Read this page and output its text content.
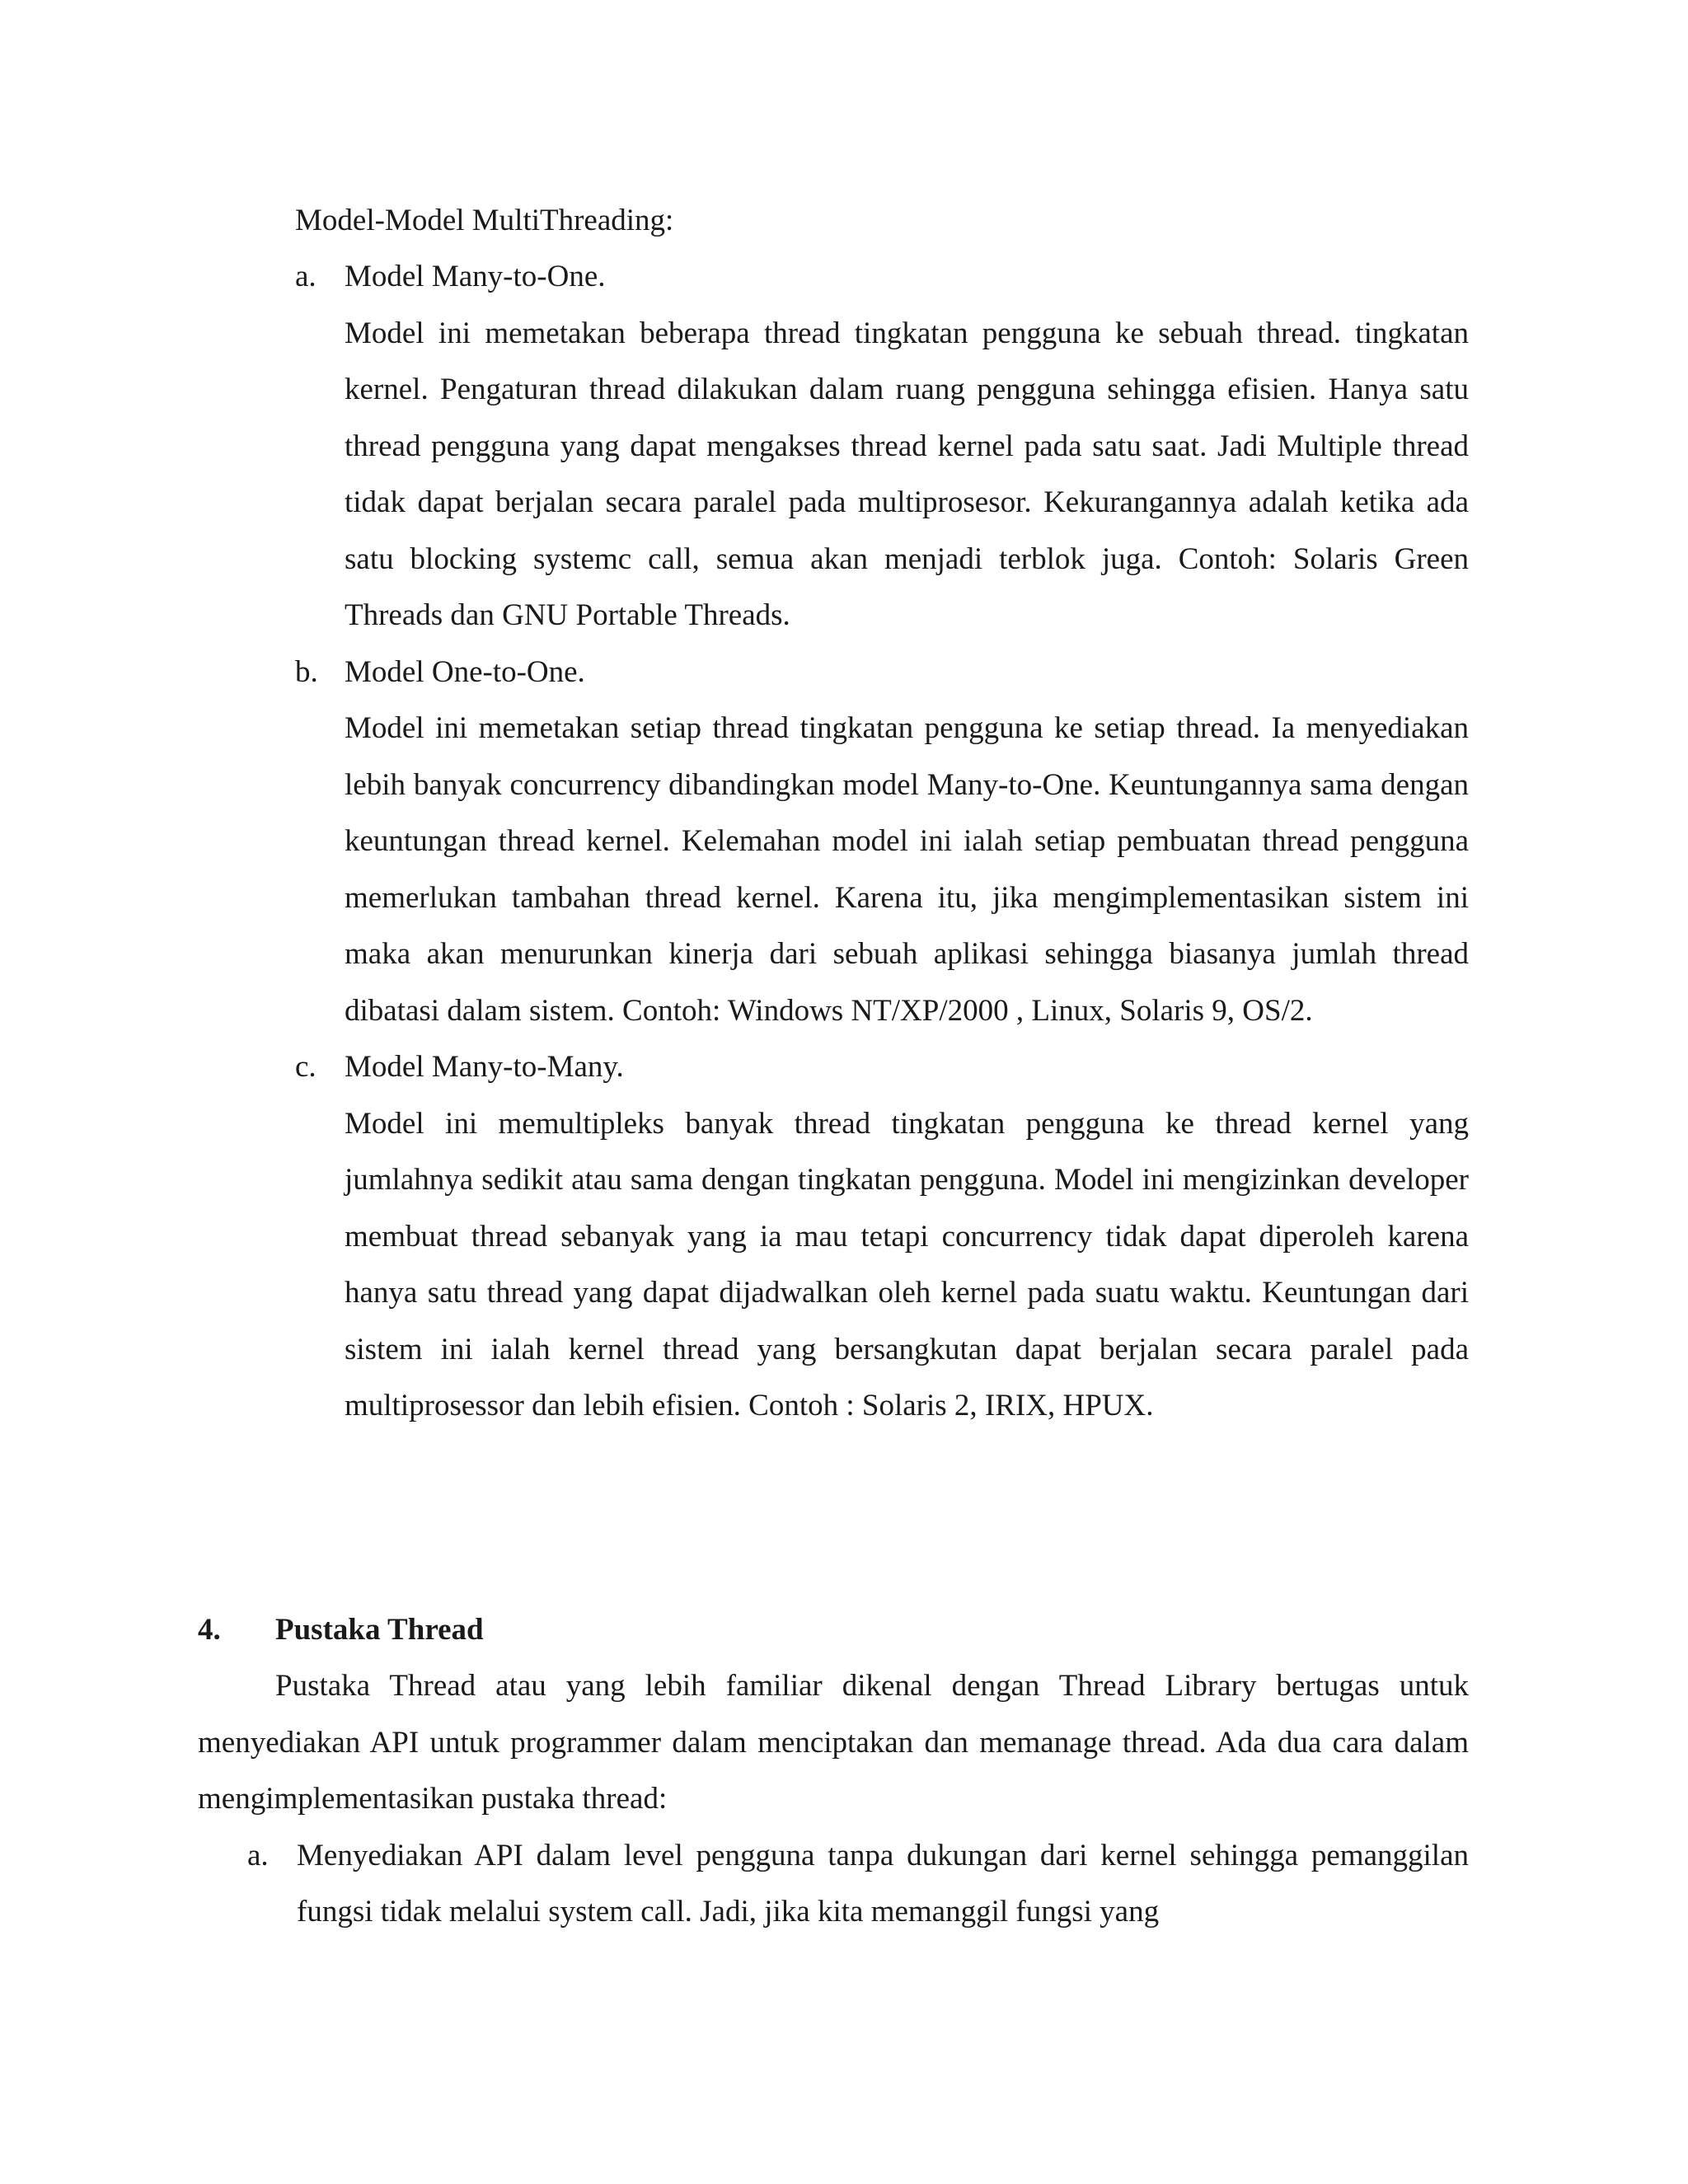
Model-Model MultiThreading:

a. Model Many-to-One.

Model ini memetakan beberapa thread tingkatan pengguna ke sebuah thread. tingkatan kernel. Pengaturan thread dilakukan dalam ruang pengguna sehingga efisien. Hanya satu thread pengguna yang dapat mengakses thread kernel pada satu saat. Jadi Multiple thread tidak dapat berjalan secara paralel pada multiprosesor. Kekurangannya adalah ketika ada satu blocking systemc call, semua akan menjadi terblok juga. Contoh: Solaris Green Threads dan GNU Portable Threads.

b. Model One-to-One.

Model ini memetakan setiap thread tingkatan pengguna ke setiap thread. Ia menyediakan lebih banyak concurrency dibandingkan model Many-to-One. Keuntungannya sama dengan keuntungan thread kernel. Kelemahan model ini ialah setiap pembuatan thread pengguna memerlukan tambahan thread kernel. Karena itu, jika mengimplementasikan sistem ini maka akan menurunkan kinerja dari sebuah aplikasi sehingga biasanya jumlah thread dibatasi dalam sistem. Contoh: Windows NT/XP/2000 , Linux, Solaris 9, OS/2.

c. Model Many-to-Many.

Model ini memultipleks banyak thread tingkatan pengguna ke thread kernel yang jumlahnya sedikit atau sama dengan tingkatan pengguna. Model ini mengizinkan developer membuat thread sebanyak yang ia mau tetapi concurrency tidak dapat diperoleh karena hanya satu thread yang dapat dijadwalkan oleh kernel pada suatu waktu. Keuntungan dari sistem ini ialah kernel thread yang bersangkutan dapat berjalan secara paralel pada multiprosessor dan lebih efisien. Contoh : Solaris 2, IRIX, HPUX.

4. Pustaka Thread

Pustaka Thread atau yang lebih familiar dikenal dengan Thread Library bertugas untuk menyediakan API untuk programmer dalam menciptakan dan memanage thread. Ada dua cara dalam mengimplementasikan pustaka thread:

a. Menyediakan API dalam level pengguna tanpa dukungan dari kernel sehingga pemanggilan fungsi tidak melalui system call. Jadi, jika kita memanggil fungsi yang
